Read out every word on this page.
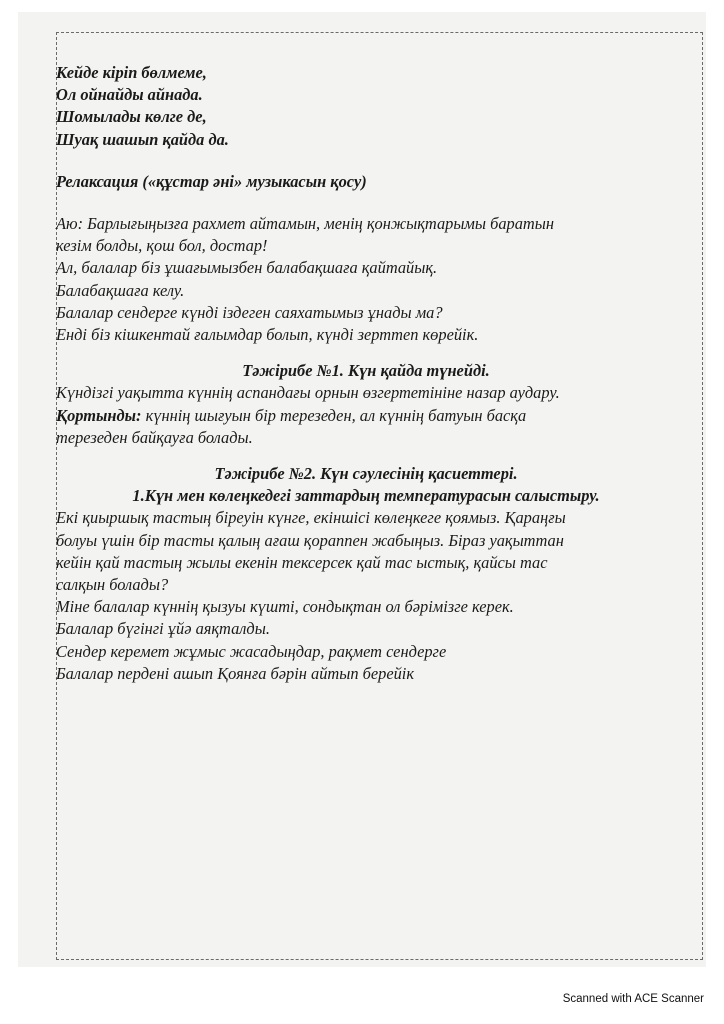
Кейде кіріп бөлмеме,
Ол ойнайды айнада.
Шомылады көлге де,
Шуақ шашып қайда да.
Релаксация («құстар әні» музыкасын қосу)
Аю: Барлығыңызға рахмет айтамын, менің қонжықтарымы баратын
кезім болды, қош бол, достар!
Ал, балалар біз ұшағымызбен балабақшаға қайтайық.
Балабақшаға келу.
Балалар сендерге күнді іздеген саяхатымыз ұнады ма?
Енді біз кішкентай ғалымдар болып, күнді зерттеп көрейік.
Тәжірибе №1. Күн қайда түнейді.
Күндізгі уақытта күннің аспандағы орнын өзгертетініне назар аудару.
Қортынды: күннің шығуын бір терезеден, ал күннің батуын басқа
терезеден байқауға болады.
Тәжірибе №2. Күн сәулесінің қасиеттері.
1.Күн мен көлеңкедегі заттардың температурасын салыстыру.
Екі қиыршық тастың біреуін күнге, екіншісі көлеңкеге қоямыз. Қараңғы
болуы үшін бір тасты қалың ағаш қораппен жабыңыз. Біраз уақыттан
кейін қай тастың жылы екенін тексерсек қай тас ыстық, қайсы тас
салқын болады?
Міне балалар күннің қызуы күшті, сондықтан ол бәрімізге керек.
Балалар бүгінгі ұйә аяқталды.
Сендер керемет жұмыс жасадыңдар, рақмет сендерге
Балалар пердені ашып Қоянға бәрін айтып берейік
Scanned with ACE Scanner
